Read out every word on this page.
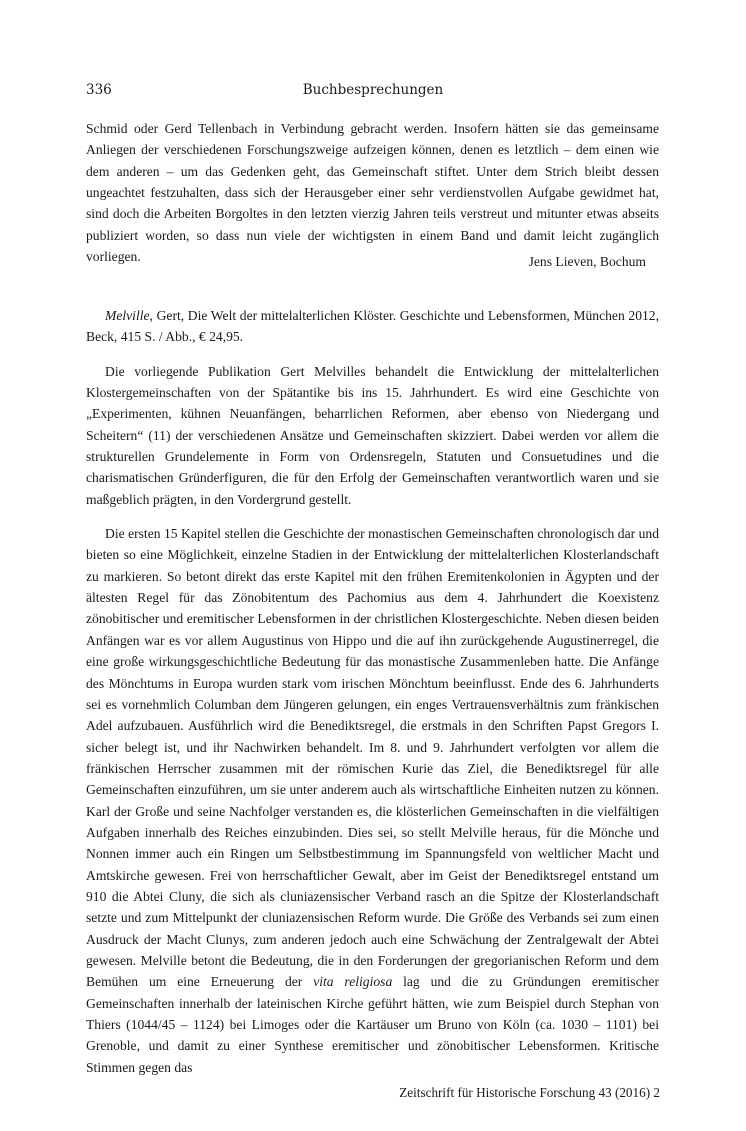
336	Buchbesprechungen

Schmid oder Gerd Tellenbach in Verbindung gebracht werden. Insofern hätten sie das gemeinsame Anliegen der verschiedenen Forschungszweige aufzeigen können, denen es letztlich – dem einen wie dem anderen – um das Gedenken geht, das Gemeinschaft stiftet. Unter dem Strich bleibt dessen ungeachtet festzuhalten, dass sich der Herausgeber einer sehr verdienstvollen Aufgabe gewidmet hat, sind doch die Arbeiten Borgoltes in den letzten vierzig Jahren teils verstreut und mitunter etwas abseits publiziert worden, so dass nun viele der wichtigsten in einem Band und damit leicht zugänglich vorliegen.	Jens Lieven, Bochum

Melville, Gert, Die Welt der mittelalterlichen Klöster. Geschichte und Lebensformen, München 2012, Beck, 415 S. / Abb., € 24,95.

Die vorliegende Publikation Gert Melvilles behandelt die Entwicklung der mittelalterlichen Klostergemeinschaften von der Spätantike bis ins 15. Jahrhundert. Es wird eine Geschichte von „Experimenten, kühnen Neuanfängen, beharrlichen Reformen, aber ebenso von Niedergang und Scheitern“ (11) der verschiedenen Ansätze und Gemeinschaften skizziert. Dabei werden vor allem die strukturellen Grundelemente in Form von Ordensregeln, Statuten und Consuetudines und die charismatischen Gründerfiguren, die für den Erfolg der Gemeinschaften verantwortlich waren und sie maßgeblich prägten, in den Vordergrund gestellt.

Die ersten 15 Kapitel stellen die Geschichte der monastischen Gemeinschaften chronologisch dar und bieten so eine Möglichkeit, einzelne Stadien in der Entwicklung der mittelalterlichen Klosterlandschaft zu markieren. So betont direkt das erste Kapitel mit den frühen Eremitenkolonien in Ägypten und der ältesten Regel für das Zönobitentum des Pachomius aus dem 4. Jahrhundert die Koexistenz zönobitischer und eremitischer Lebensformen in der christlichen Klostergeschichte. Neben diesen beiden Anfängen war es vor allem Augustinus von Hippo und die auf ihn zurückgehende Augustinerregel, die eine große wirkungsgeschichtliche Bedeutung für das monastische Zusammenleben hatte. Die Anfänge des Mönchtums in Europa wurden stark vom irischen Mönchtum beeinflusst. Ende des 6. Jahrhunderts sei es vornehmlich Columban dem Jüngeren gelungen, ein enges Vertrauensverhältnis zum fränkischen Adel aufzubauen. Ausführlich wird die Benediktsregel, die erstmals in den Schriften Papst Gregors I. sicher belegt ist, und ihr Nachwirken behandelt. Im 8. und 9. Jahrhundert verfolgten vor allem die fränkischen Herrscher zusammen mit der römischen Kurie das Ziel, die Benediktsregel für alle Gemeinschaften einzuführen, um sie unter anderem auch als wirtschaftliche Einheiten nutzen zu können. Karl der Große und seine Nachfolger verstanden es, die klösterlichen Gemeinschaften in die vielfältigen Aufgaben innerhalb des Reiches einzubinden. Dies sei, so stellt Melville heraus, für die Mönche und Nonnen immer auch ein Ringen um Selbstbestimmung im Spannungsfeld von weltlicher Macht und Amtskirche gewesen. Frei von herrschaftlicher Gewalt, aber im Geist der Benediktsregel entstand um 910 die Abtei Cluny, die sich als cluniazensischer Verband rasch an die Spitze der Klosterlandschaft setzte und zum Mittelpunkt der cluniazensischen Reform wurde. Die Größe des Verbands sei zum einen Ausdruck der Macht Clunys, zum anderen jedoch auch eine Schwächung der Zentralgewalt der Abtei gewesen. Melville betont die Bedeutung, die in den Forderungen der gregorianischen Reform und dem Bemühen um eine Erneuerung der vita religiosa lag und die zu Gründungen eremitischer Gemeinschaften innerhalb der lateinischen Kirche geführt hätten, wie zum Beispiel durch Stephan von Thiers (1044/45 – 1124) bei Limoges oder die Kartäuser um Bruno von Köln (ca. 1030 – 1101) bei Grenoble, und damit zu einer Synthese eremitischer und zönobitischer Lebensformen. Kritische Stimmen gegen das

Zeitschrift für Historische Forschung 43 (2016) 2
